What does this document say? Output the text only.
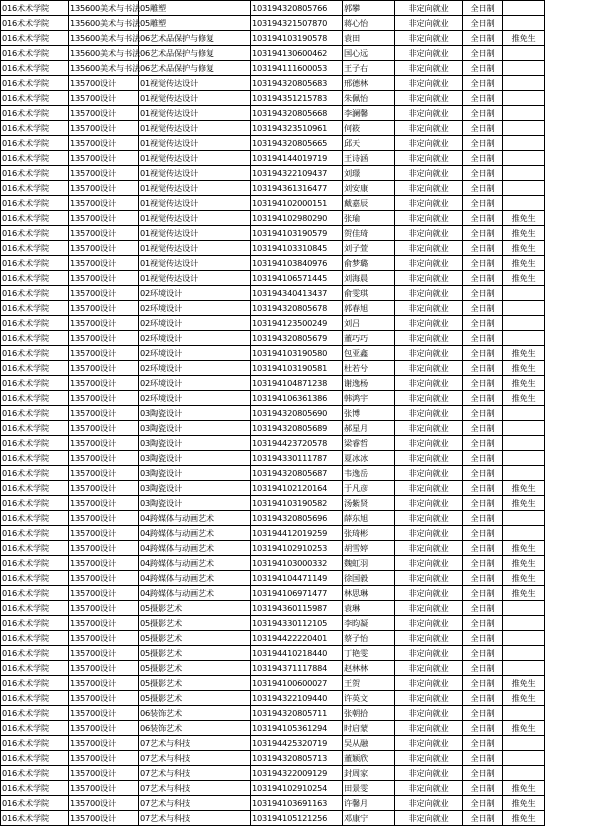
016术术学院	135600美术与书法	05雕塑	103194320805766	郭攀	非定向就业	全日制	
016术术学院	135600美术与书法	05雕塑	103194321507870	蒋心怡	非定向就业	全日制	
016术术学院	135600美术与书法	06艺术品保护与修复	103194103190578	袁田	非定向就业	全日制	推免生
016术术学院	135600美术与书法	06艺术品保护与修复	103194130600462	国心远	非定向就业	全日制	
016术术学院	135600美术与书法	06艺术品保护与修复	103194111600053	王子右	非定向就业	全日制	
016术术学院	135700设计	01视觉传达设计	103194320805683	邢德林	非定向就业	全日制	
016术术学院	135700设计	01视觉传达设计	103194351215783	朱佩怡	非定向就业	全日制	
016术术学院	135700设计	01视觉传达设计	103194320805668	李澜馨	非定向就业	全日制	
016术术学院	135700设计	01视觉传达设计	103194323510961	何筱	非定向就业	全日制	
016术术学院	135700设计	01视觉传达设计	103194320805665	邱天	非定向就业	全日制	
016术术学院	135700设计	01视觉传达设计	103194144019719	王诗涵	非定向就业	全日制	
016术术学院	135700设计	01视觉传达设计	103194322109437	刘璟	非定向就业	全日制	
016术术学院	135700设计	01视觉传达设计	103194361316477	刘安康	非定向就业	全日制	
016术术学院	135700设计	01视觉传达设计	103194102000151	戴嘉辰	非定向就业	全日制	
016术术学院	135700设计	01视觉传达设计	103194102980290	张瑜	非定向就业	全日制	推免生
016术术学院	135700设计	01视觉传达设计	103194103190579	贺佳琦	非定向就业	全日制	推免生
016术术学院	135700设计	01视觉传达设计	103194103310845	刘子萱	非定向就业	全日制	推免生
016术术学院	135700设计	01视觉传达设计	103194103840976	俞梦璐	非定向就业	全日制	推免生
016术术学院	135700设计	01视觉传达设计	103194106571445	刘海晨	非定向就业	全日制	推免生
016术术学院	135700设计	02环境设计	103194340413437	俞雯琪	非定向就业	全日制	
016术术学院	135700设计	02环境设计	103194320805678	郭春旭	非定向就业	全日制	
016术术学院	135700设计	02环境设计	103194123500249	刘吕	非定向就业	全日制	
016术术学院	135700设计	02环境设计	103194320805679	董巧巧	非定向就业	全日制	
016术术学院	135700设计	02环境设计	103194103190580	包亚鑫	非定向就业	全日制	推免生
016术术学院	135700设计	02环境设计	103194103190581	杜若兮	非定向就业	全日制	推免生
016术术学院	135700设计	02环境设计	103194104871238	谢逸杨	非定向就业	全日制	推免生
016术术学院	135700设计	02环境设计	103194106361386	韩鸿宇	非定向就业	全日制	推免生
016术术学院	135700设计	03陶瓷设计	103194320805690	张博	非定向就业	全日制	
016术术学院	135700设计	03陶瓷设计	103194320805689	郝星月	非定向就业	全日制	
016术术学院	135700设计	03陶瓷设计	103194423720578	梁睿哲	非定向就业	全日制	
016术术学院	135700设计	03陶瓷设计	103194330111787	夏冰冰	非定向就业	全日制	
016术术学院	135700设计	03陶瓷设计	103194320805687	韦逸岳	非定向就业	全日制	
016术术学院	135700设计	03陶瓷设计	103194102120164	于凡彦	非定向就业	全日制	推免生
016术术学院	135700设计	03陶瓷设计	103194103190582	汤紫贤	非定向就业	全日制	推免生
016术术学院	135700设计	04跨媒体与动画艺术	103194320805696	薛东旭	非定向就业	全日制	
016术术学院	135700设计	04跨媒体与动画艺术	103194412019259	张琦彬	非定向就业	全日制	
016术术学院	135700设计	04跨媒体与动画艺术	103194102910253	胡雪婷	非定向就业	全日制	推免生
016术术学院	135700设计	04跨媒体与动画艺术	103194103000332	魏虹羽	非定向就业	全日制	推免生
016术术学院	135700设计	04跨媒体与动画艺术	103194104471149	徐国毅	非定向就业	全日制	推免生
016术术学院	135700设计	04跨媒体与动画艺术	103194106971477	林思琳	非定向就业	全日制	推免生
016术术学院	135700设计	05摄影艺术	103194360115987	袁琳	非定向就业	全日制	
016术术学院	135700设计	05摄影艺术	103194330112105	李昀凝	非定向就业	全日制	
016术术学院	135700设计	05摄影艺术	103194422220401	蔡子怡	非定向就业	全日制	
016术术学院	135700设计	05摄影艺术	103194410218440	丁艳雯	非定向就业	全日制	
016术术学院	135700设计	05摄影艺术	103194371117884	赵林林	非定向就业	全日制	
016术术学院	135700设计	05摄影艺术	103194100600027	王贺	非定向就业	全日制	推免生
016术术学院	135700设计	05摄影艺术	103194322109440	许英文	非定向就业	全日制	推免生
016术术学院	135700设计	06装饰艺术	103194320805711	张朝拾	非定向就业	全日制	
016术术学院	135700设计	06装饰艺术	103194105361294	时启蒙	非定向就业	全日制	推免生
016术术学院	135700设计	07艺术与科技	103194425320719	吴从融	非定向就业	全日制	
016术术学院	135700设计	07艺术与科技	103194320805713	董颖欣	非定向就业	全日制	
016术术学院	135700设计	07艺术与科技	103194322009129	封周家	非定向就业	全日制	
016术术学院	135700设计	07艺术与科技	103194102910254	田景雯	非定向就业	全日制	推免生
016术术学院	135700设计	07艺术与科技	103194103691163	许馨月	非定向就业	全日制	推免生
016术术学院	135700设计	07艺术与科技	103194105121256	邓康宁	非定向就业	全日制	推免生
